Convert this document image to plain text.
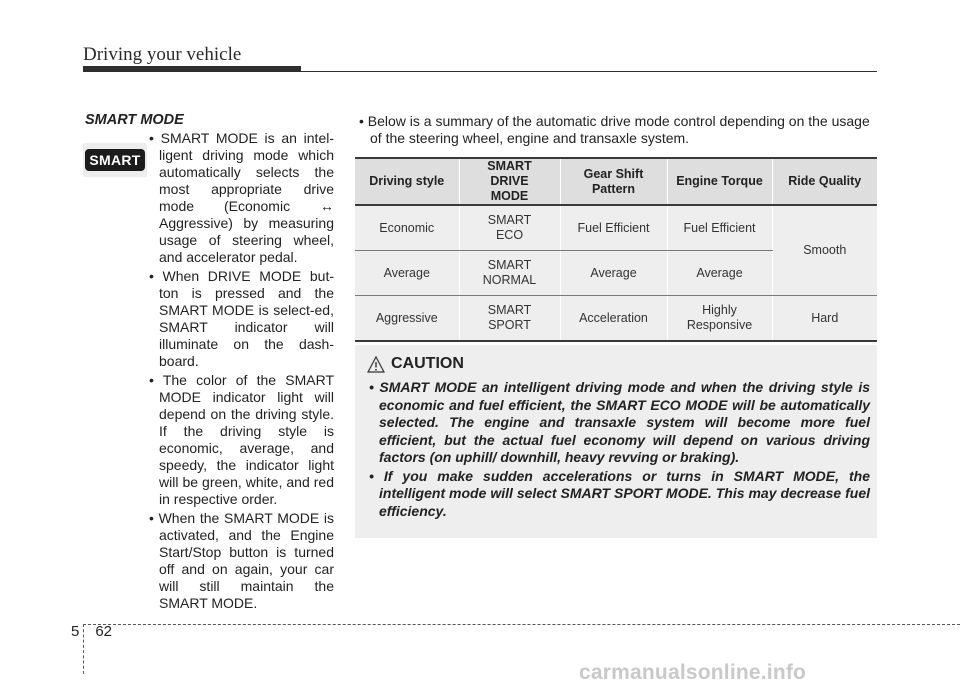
Driving your vehicle
SMART MODE
SMART
• SMART MODE is an intel-ligent driving mode which automatically selects the most appropriate drive mode (Economic ↔ Aggressive) by measuring usage of steering wheel, and accelerator pedal.
• When DRIVE MODE but-ton is pressed and the SMART MODE is select-ed, SMART indicator will illuminate on the dash-board.
• The color of the SMART MODE indicator light will depend on the driving style. If the driving style is economic, average, and speedy, the indicator light will be green, white, and red in respective order.
• When the SMART MODE is activated, and the Engine Start/Stop button is turned off and on again, your car will still maintain the SMART MODE.
• Below is a summary of the automatic drive mode control depending on the usage of the steering wheel, engine and transaxle system.
Driving style	SMART DRIVE MODE	Gear Shift Pattern	Engine Torque	Ride Quality
Economic	SMART ECO	Fuel Efficient	Fuel Efficient	Smooth
Average	SMART NORMAL	Average	Average	
Aggressive	SMART SPORT	Acceleration	Highly Responsive	Hard
CAUTION
• SMART MODE an intelligent driving mode and when the driving style is economic and fuel efficient, the SMART ECO MODE will be automatically selected. The engine and transaxle system will become more fuel efficient, but the actual fuel economy will depend on various driving factors (on uphill/ downhill, heavy revving or braking).
• If you make sudden accelerations or turns in SMART MODE, the intelligent mode will select SMART SPORT MODE. This may decrease fuel efficiency.
5 62
carmanualsonline.info
